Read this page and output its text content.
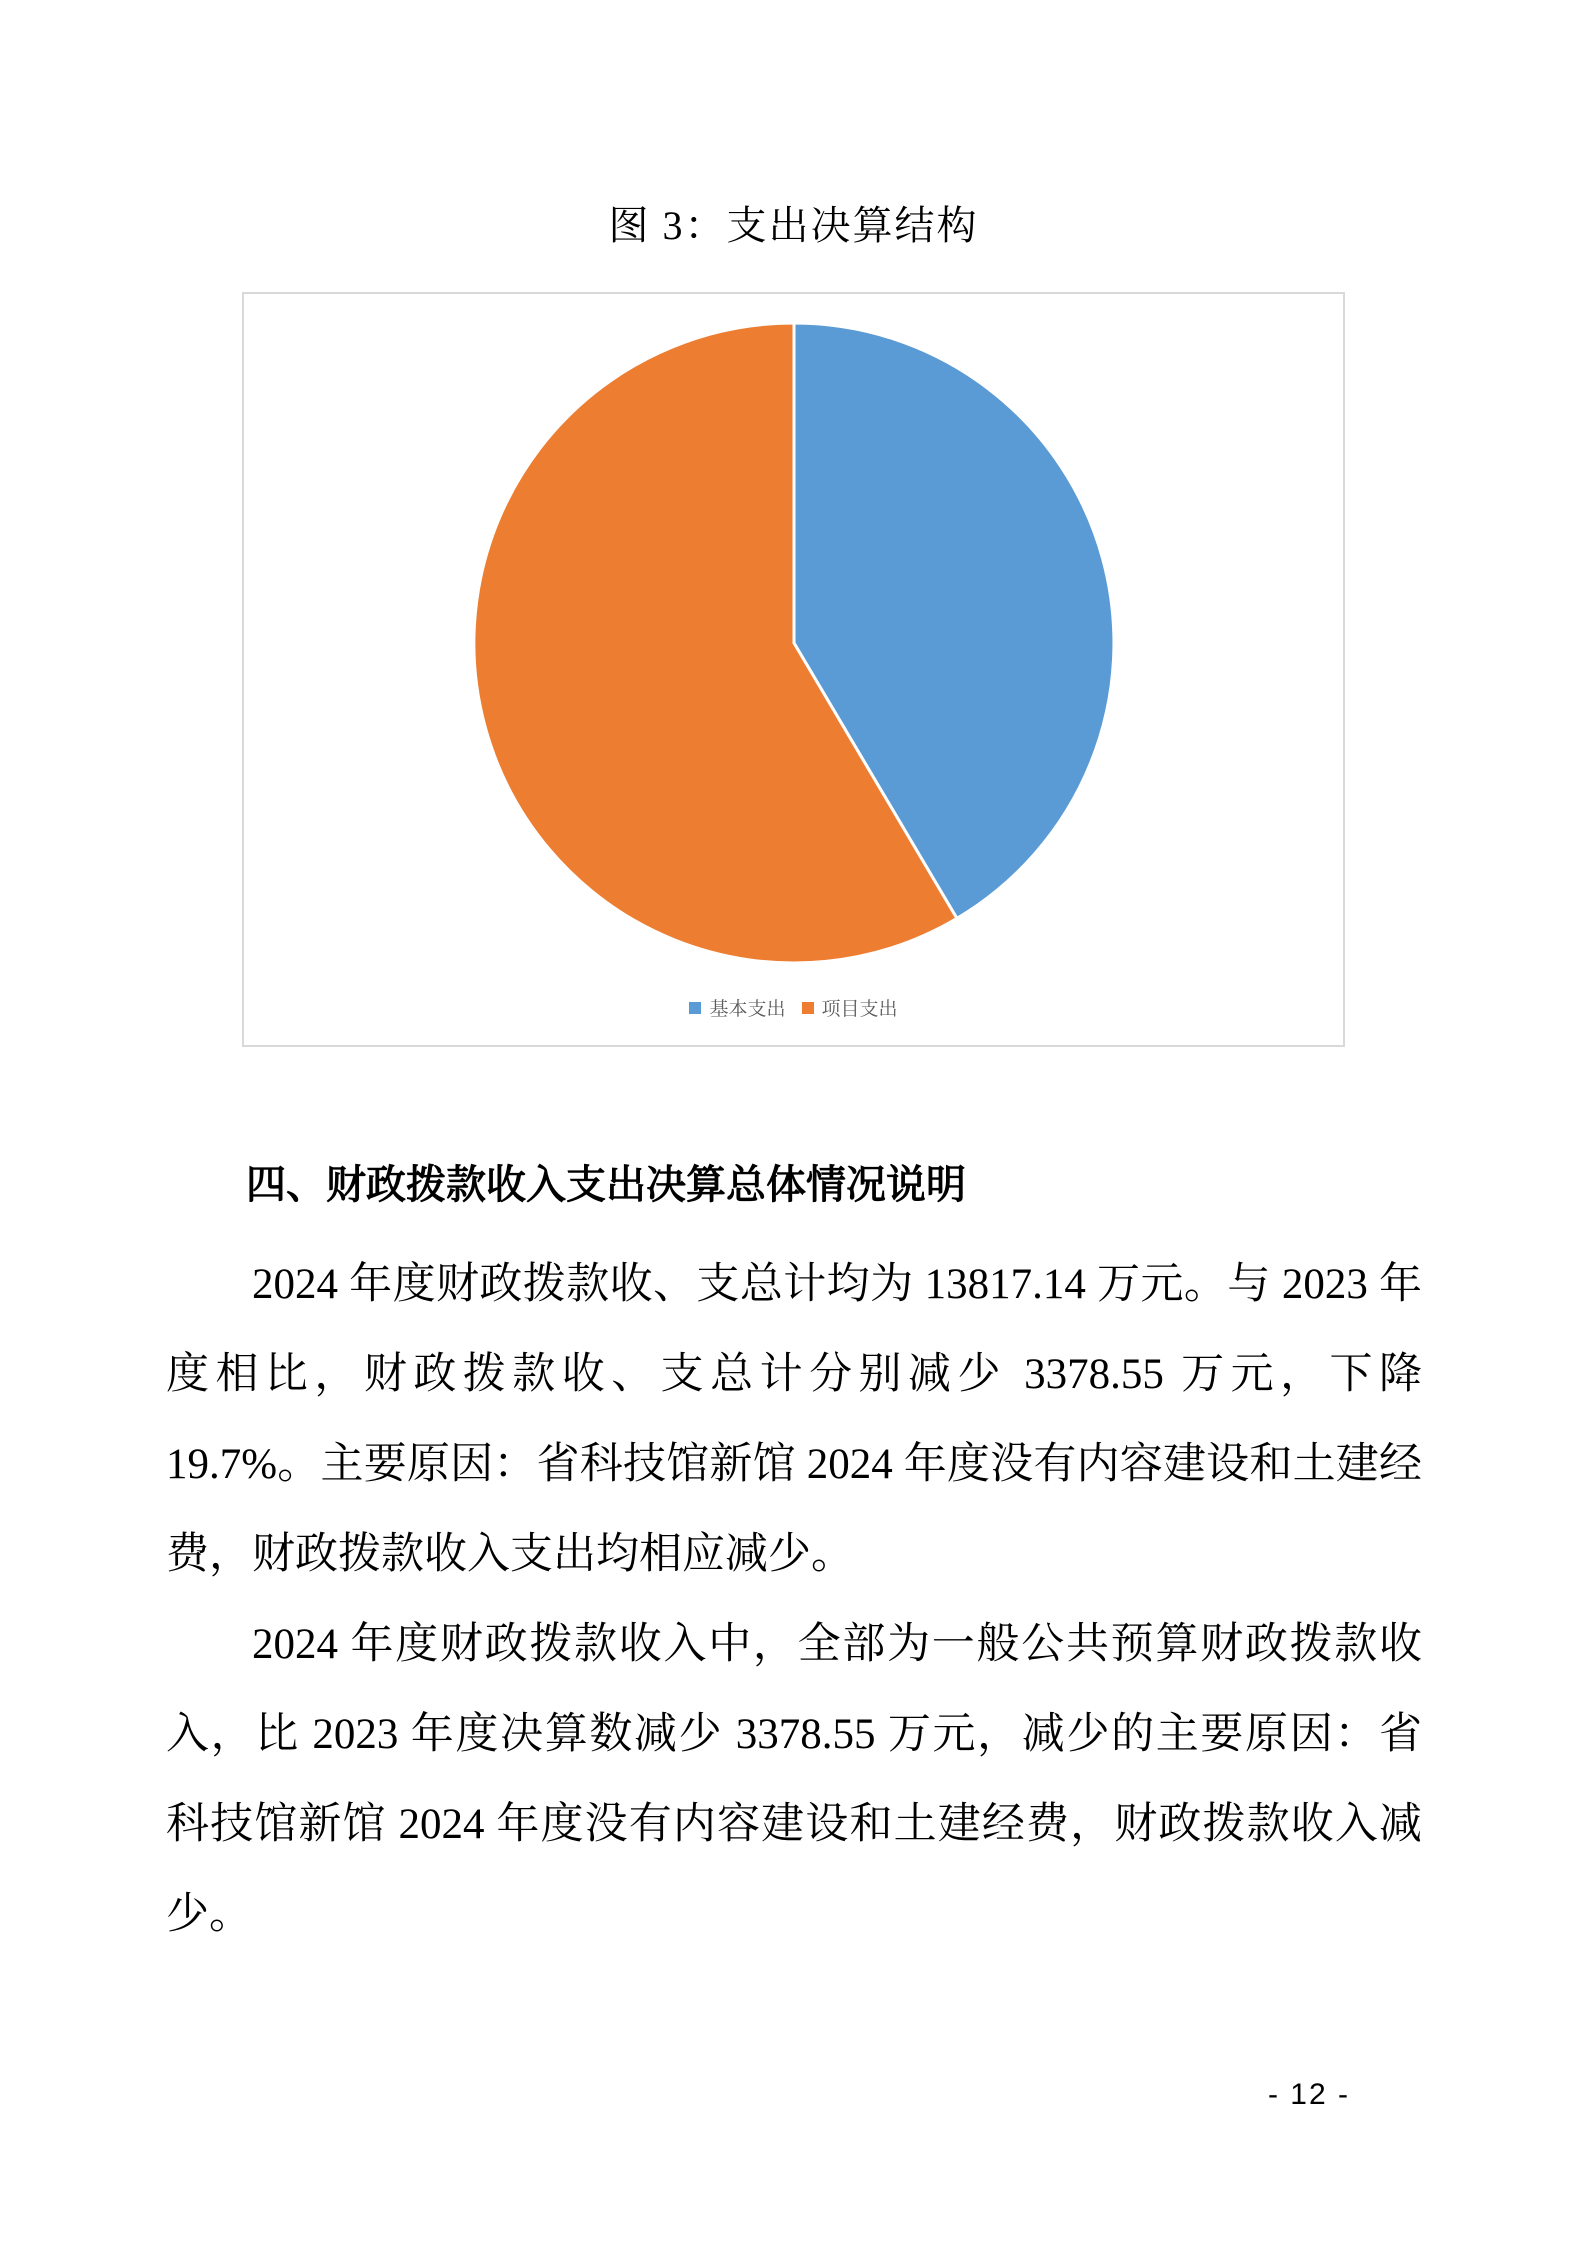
图 3：支出决算结构
基本支出 项目支出
四、财政拨款收入支出决算总体情况说明

2024 年度财政拨款收、支总计均为 13817.14 万元。与 2023 年度相比，财政拨款收、支总计分别减少 3378.55 万元，下降 19.7%。主要原因：省科技馆新馆 2024 年度没有内容建设和土建经费，财政拨款收入支出均相应减少。

2024 年度财政拨款收入中，全部为一般公共预算财政拨款收入，比 2023 年度决算数减少 3378.55 万元，减少的主要原因：省科技馆新馆 2024 年度没有内容建设和土建经费，财政拨款收入减少。

- 12 -
